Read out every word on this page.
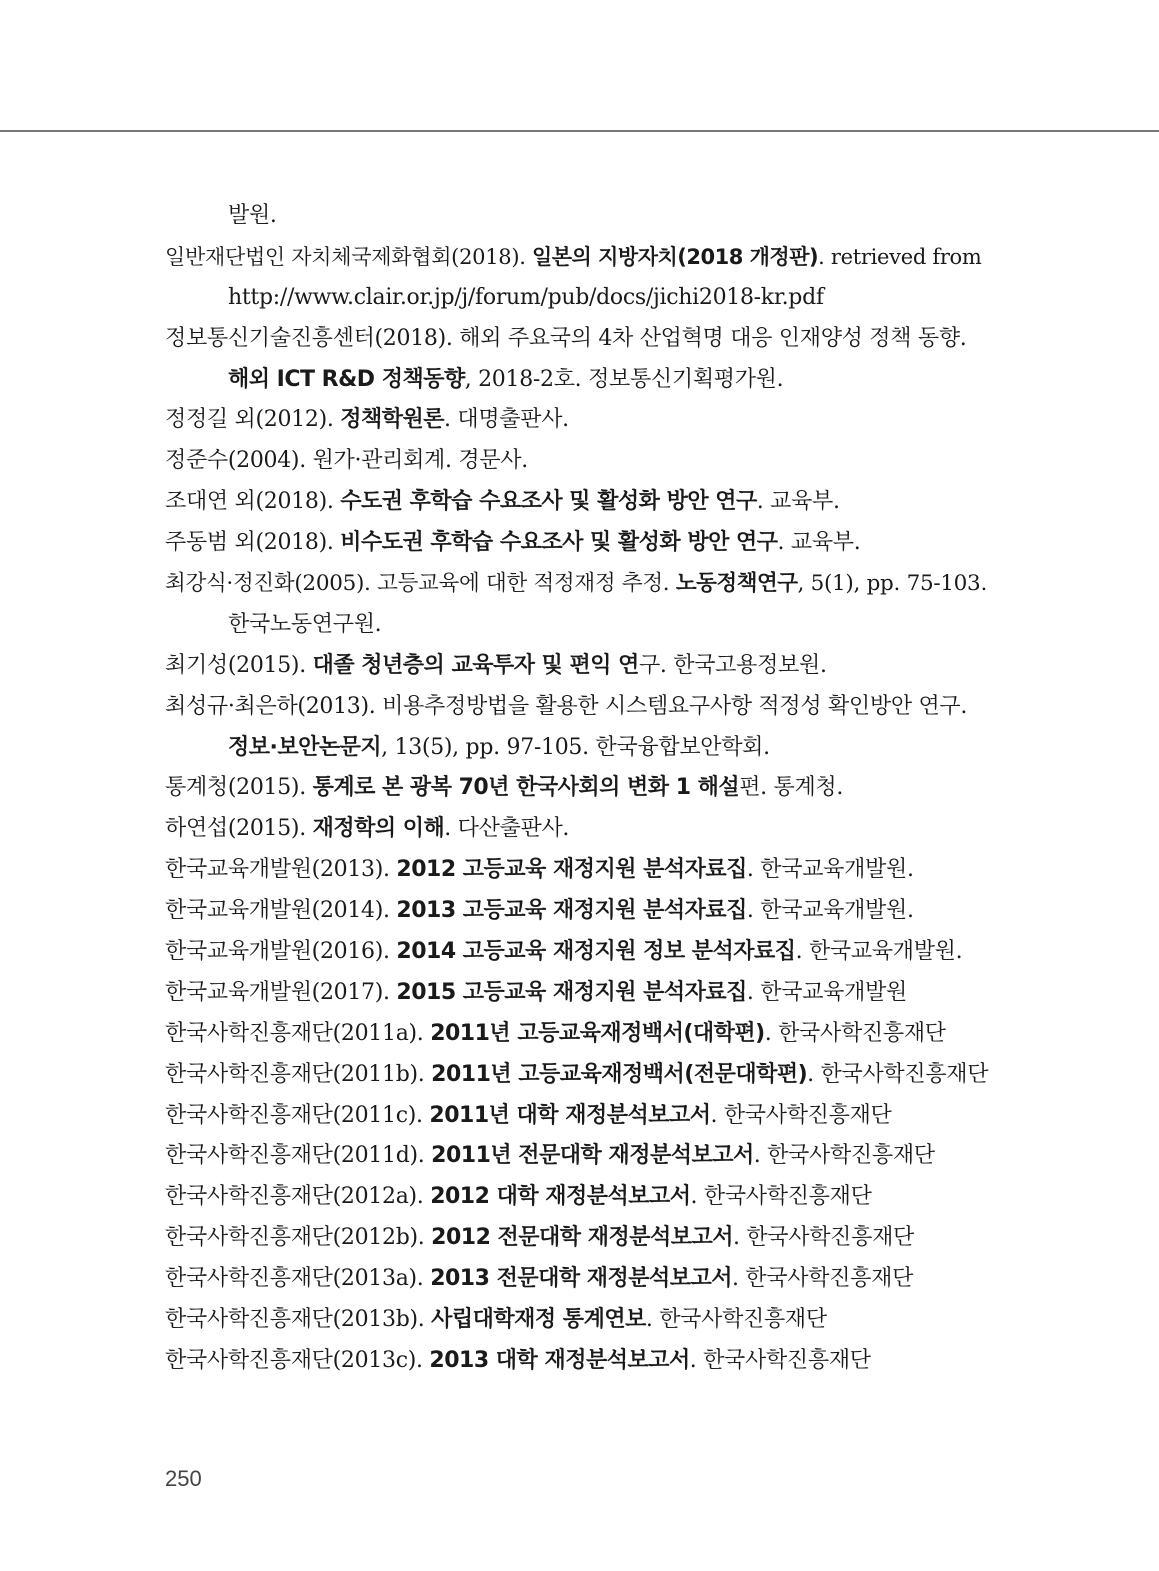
발원.
일반재단법인 자치체국제화협회(2018). 일본의 지방자치(2018 개정판). retrieved from
http://www.clair.or.jp/j/forum/pub/docs/jichi2018-kr.pdf
정보통신기술진흥센터(2018). 해외 주요국의 4차 산업혁명 대응 인재양성 정책 동향.
해외 ICT R&D 정책동향, 2018-2호. 정보통신기획평가원.
정정길 외(2012). 정책학원론. 대명출판사.
정준수(2004). 원가·관리회계. 경문사.
조대연 외(2018). 수도권 후학습 수요조사 및 활성화 방안 연구. 교육부.
주동범 외(2018). 비수도권 후학습 수요조사 및 활성화 방안 연구. 교육부.
최강식·정진화(2005). 고등교육에 대한 적정재정 추정. 노동정책연구, 5(1), pp. 75-103.
한국노동연구원.
최기성(2015). 대졸 청년층의 교육투자 및 편익 연구. 한국고용정보원.
최성규·최은하(2013). 비용추정방법을 활용한 시스템요구사항 적정성 확인방안 연구.
정보·보안논문지, 13(5), pp. 97-105. 한국융합보안학회.
통계청(2015). 통계로 본 광복 70년 한국사회의 변화 1 해설편. 통계청.
하연섭(2015). 재정학의 이해. 다산출판사.
한국교육개발원(2013). 2012 고등교육 재정지원 분석자료집. 한국교육개발원.
한국교육개발원(2014). 2013 고등교육 재정지원 분석자료집. 한국교육개발원.
한국교육개발원(2016). 2014 고등교육 재정지원 정보 분석자료집. 한국교육개발원.
한국교육개발원(2017). 2015 고등교육 재정지원 분석자료집. 한국교육개발원
한국사학진흥재단(2011a). 2011년 고등교육재정백서(대학편). 한국사학진흥재단
한국사학진흥재단(2011b). 2011년 고등교육재정백서(전문대학편). 한국사학진흥재단
한국사학진흥재단(2011c). 2011년 대학 재정분석보고서. 한국사학진흥재단
한국사학진흥재단(2011d). 2011년 전문대학 재정분석보고서. 한국사학진흥재단
한국사학진흥재단(2012a). 2012 대학 재정분석보고서. 한국사학진흥재단
한국사학진흥재단(2012b). 2012 전문대학 재정분석보고서. 한국사학진흥재단
한국사학진흥재단(2013a). 2013 전문대학 재정분석보고서. 한국사학진흥재단
한국사학진흥재단(2013b). 사립대학재정 통계연보. 한국사학진흥재단
한국사학진흥재단(2013c). 2013 대학 재정분석보고서. 한국사학진흥재단
250
